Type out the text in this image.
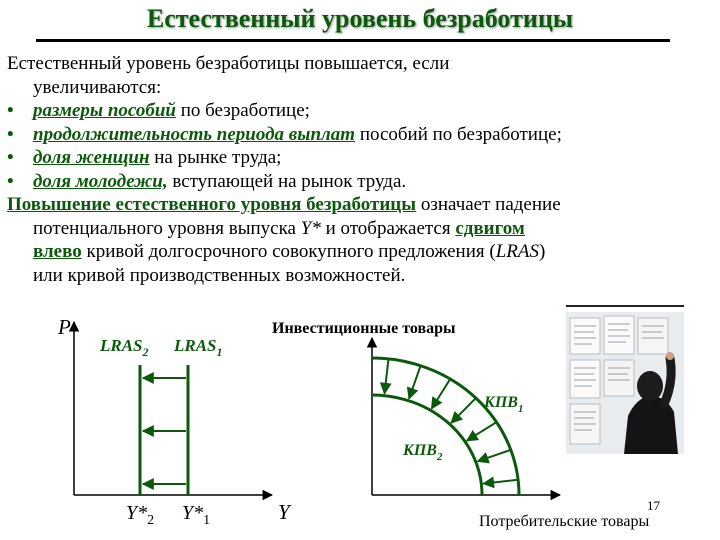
Естественный уровень безработицы

Естественный уровень безработицы повышается, если

увеличиваются:

• размеры пособий по безработице;

• продолжительность периода выплат пособий по безработице;

• доля женщин на рынке труда;

• доля молодежи, вступающей на рынок труда.

Повышение естественного уровня безработицы означает падение

потенциального уровня выпуска Y* и отображается сдвигом

влево кривой долгосрочного совокупного предложения (LRAS)

или кривой производственных возможностей.

P
Y
$LRAS_2$ $LRAS_1$
$Y*_2$ $Y*_1$
Инвестиционные товары
Потребительские товары
17
$КПВ_1$
$КПВ_2$
